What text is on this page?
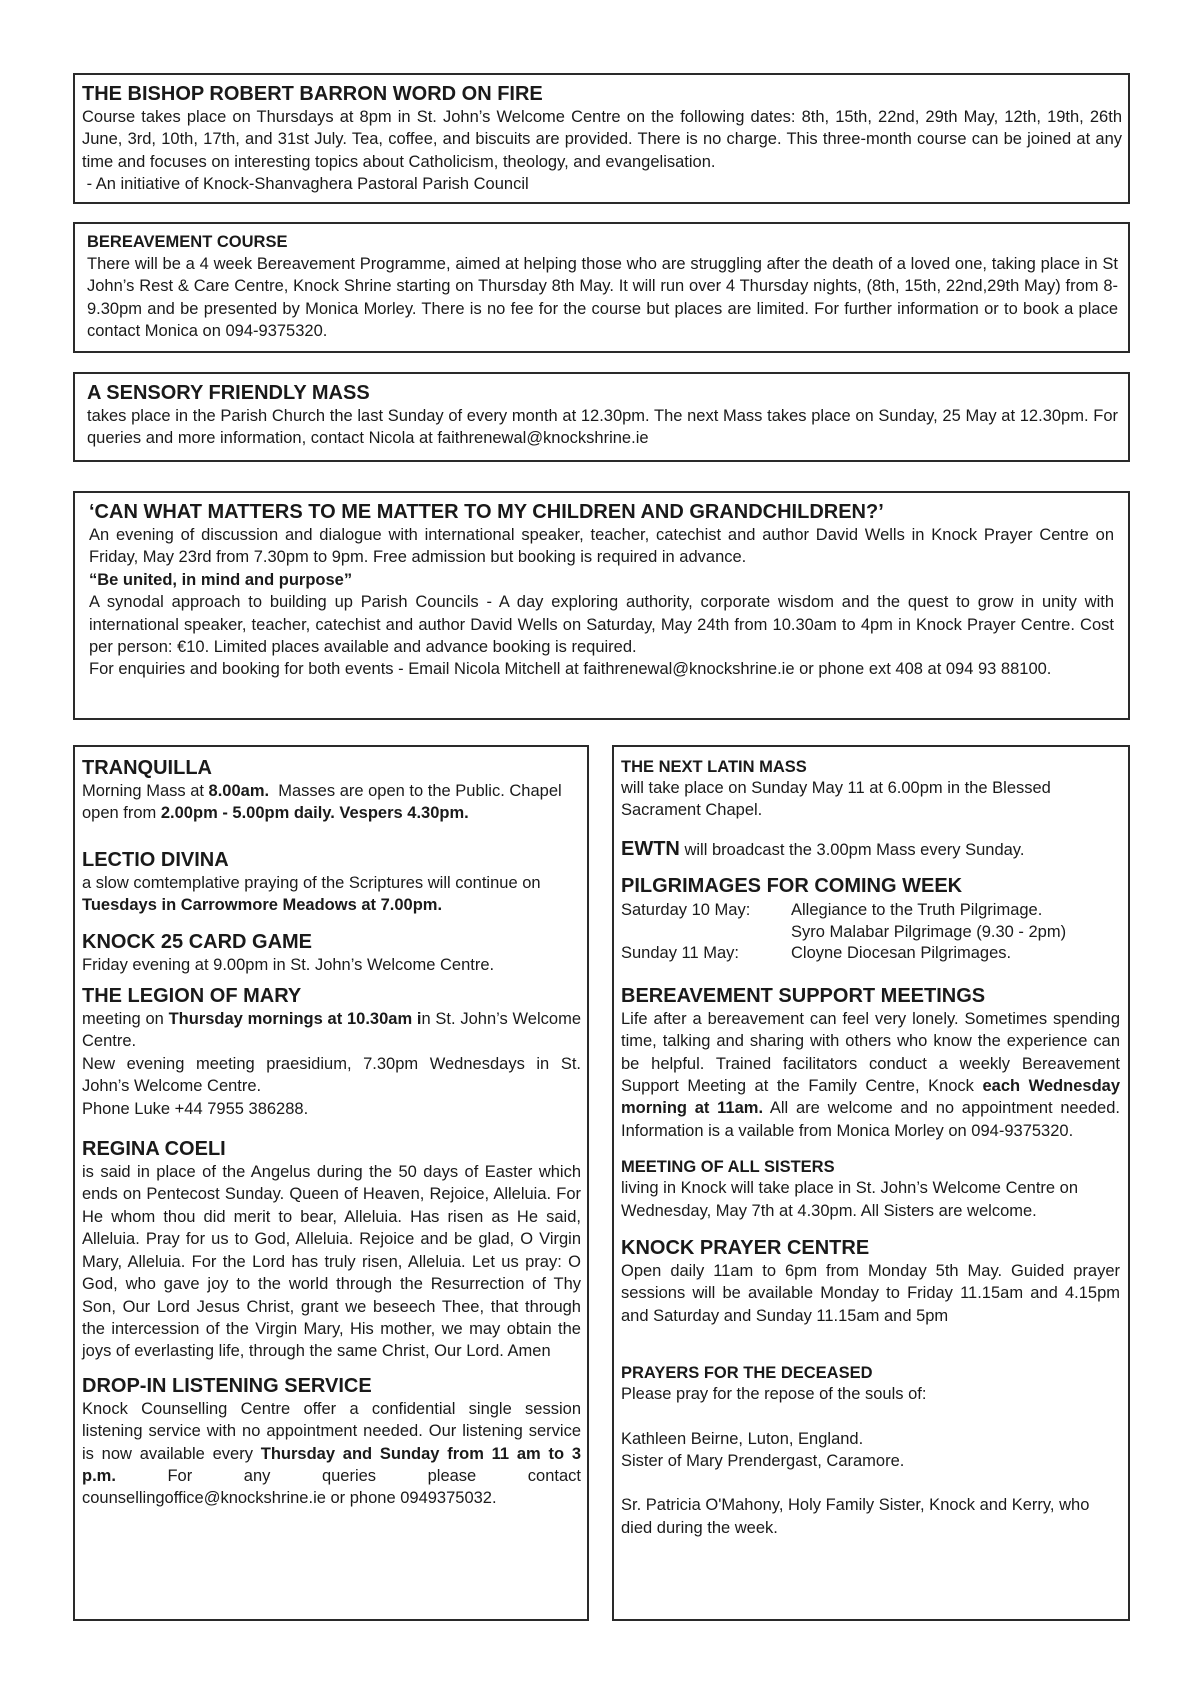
THE BISHOP ROBERT BARRON WORD ON FIRE

Course takes place on Thursdays at 8pm in St. John’s Welcome Centre on the following dates: 8th, 15th, 22nd, 29th May, 12th, 19th, 26th June, 3rd, 10th, 17th, and 31st July. Tea, coffee, and biscuits are provided. There is no charge. This three-month course can be joined at any time and focuses on interesting topics about Catholicism, theology, and evangelisation.

- An initiative of Knock-Shanvaghera Pastoral Parish Council

BEREAVEMENT COURSE

There will be a 4 week Bereavement Programme, aimed at helping those who are struggling after the death of a loved one, taking place in St John’s Rest & Care Centre, Knock Shrine starting on Thursday 8th May. It will run over 4 Thursday nights, (8th, 15th, 22nd,29th May) from 8-9.30pm and be presented by Monica Morley. There is no fee for the course but places are limited. For further information or to book a place contact Monica on 094-9375320.

A SENSORY FRIENDLY MASS

takes place in the Parish Church the last Sunday of every month at 12.30pm. The next Mass takes place on Sunday, 25 May at 12.30pm. For queries and more information, contact Nicola at faithrenewal@knockshrine.ie

‘CAN WHAT MATTERS TO ME MATTER TO MY CHILDREN AND GRANDCHILDREN?’

An evening of discussion and dialogue with international speaker, teacher, catechist and author David Wells in Knock Prayer Centre on Friday, May 23rd from 7.30pm to 9pm. Free admission but booking is required in advance.

“Be united, in mind and purpose”

A synodal approach to building up Parish Councils - A day exploring authority, corporate wisdom and the quest to grow in unity with international speaker, teacher, catechist and author David Wells on Saturday, May 24th from 10.30am to 4pm in Knock Prayer Centre. Cost per person: €10. Limited places available and advance booking is required.

For enquiries and booking for both events - Email Nicola Mitchell at faithrenewal@knockshrine.ie or phone ext 408 at 094 93 88100.

TRANQUILLA

Morning Mass at 8.00am.  Masses are open to the Public. Chapel open from 2.00pm - 5.00pm daily. Vespers 4.30pm.

LECTIO DIVINA

a slow comtemplative praying of the Scriptures will continue on Tuesdays in Carrowmore Meadows at 7.00pm.

KNOCK 25 CARD GAME

Friday evening at 9.00pm in St. John’s Welcome Centre.

THE LEGION OF MARY

meeting on Thursday mornings at 10.30am in St. John’s Welcome Centre.

New evening meeting praesidium, 7.30pm Wednesdays in St. John’s Welcome Centre.

Phone Luke +44 7955 386288.

REGINA COELI

is said in place of the Angelus during the 50 days of Easter which ends on Pentecost Sunday. Queen of Heaven, Rejoice, Alleluia. For He whom thou did merit to bear, Alleluia. Has risen as He said, Alleluia. Pray for us to God, Alleluia. Rejoice and be glad, O Virgin Mary, Alleluia. For the Lord has truly risen, Alleluia. Let us pray: O God, who gave joy to the world through the Resurrection of Thy Son, Our Lord Jesus Christ, grant we beseech Thee, that through the intercession of the Virgin Mary, His mother, we may obtain the joys of everlasting life, through the same Christ, Our Lord. Amen

DROP-IN LISTENING SERVICE

Knock Counselling Centre offer a confidential single session listening service with no appointment needed. Our listening service is now available every Thursday and Sunday from 11 am to 3 p.m. For any queries please contact counsellingoffice@knockshrine.ie or phone 0949375032.

THE NEXT LATIN MASS

will take place on Sunday May 11 at 6.00pm in the Blessed Sacrament Chapel.

EWTN will broadcast the 3.00pm Mass every Sunday.

PILGRIMAGES FOR COMING WEEK

Saturday 10 May:	Allegiance to the Truth Pilgrimage.
	Syro Malabar Pilgrimage (9.30 - 2pm)
Sunday 11 May:	Cloyne Diocesan Pilgrimages.

BEREAVEMENT SUPPORT MEETINGS

Life after a bereavement can feel very lonely. Sometimes spending time, talking and sharing with others who know the experience can be helpful. Trained facilitators conduct a weekly Bereavement Support Meeting at the Family Centre, Knock each Wednesday morning at 11am. All are welcome and no appointment needed. Information is a vailable from Monica Morley on 094-9375320.

MEETING OF ALL SISTERS

living in Knock will take place in St. John’s Welcome Centre on Wednesday, May 7th at 4.30pm. All Sisters are welcome.

KNOCK PRAYER CENTRE

Open daily 11am to 6pm from Monday 5th May. Guided prayer sessions will be available Monday to Friday 11.15am and 4.15pm and Saturday and Sunday 11.15am and 5pm

PRAYERS FOR THE DECEASED

Please pray for the repose of the souls of:

Kathleen Beirne, Luton, England.

Sister of Mary Prendergast, Caramore.

Sr. Patricia O'Mahony, Holy Family Sister, Knock and Kerry, who died during the week.
